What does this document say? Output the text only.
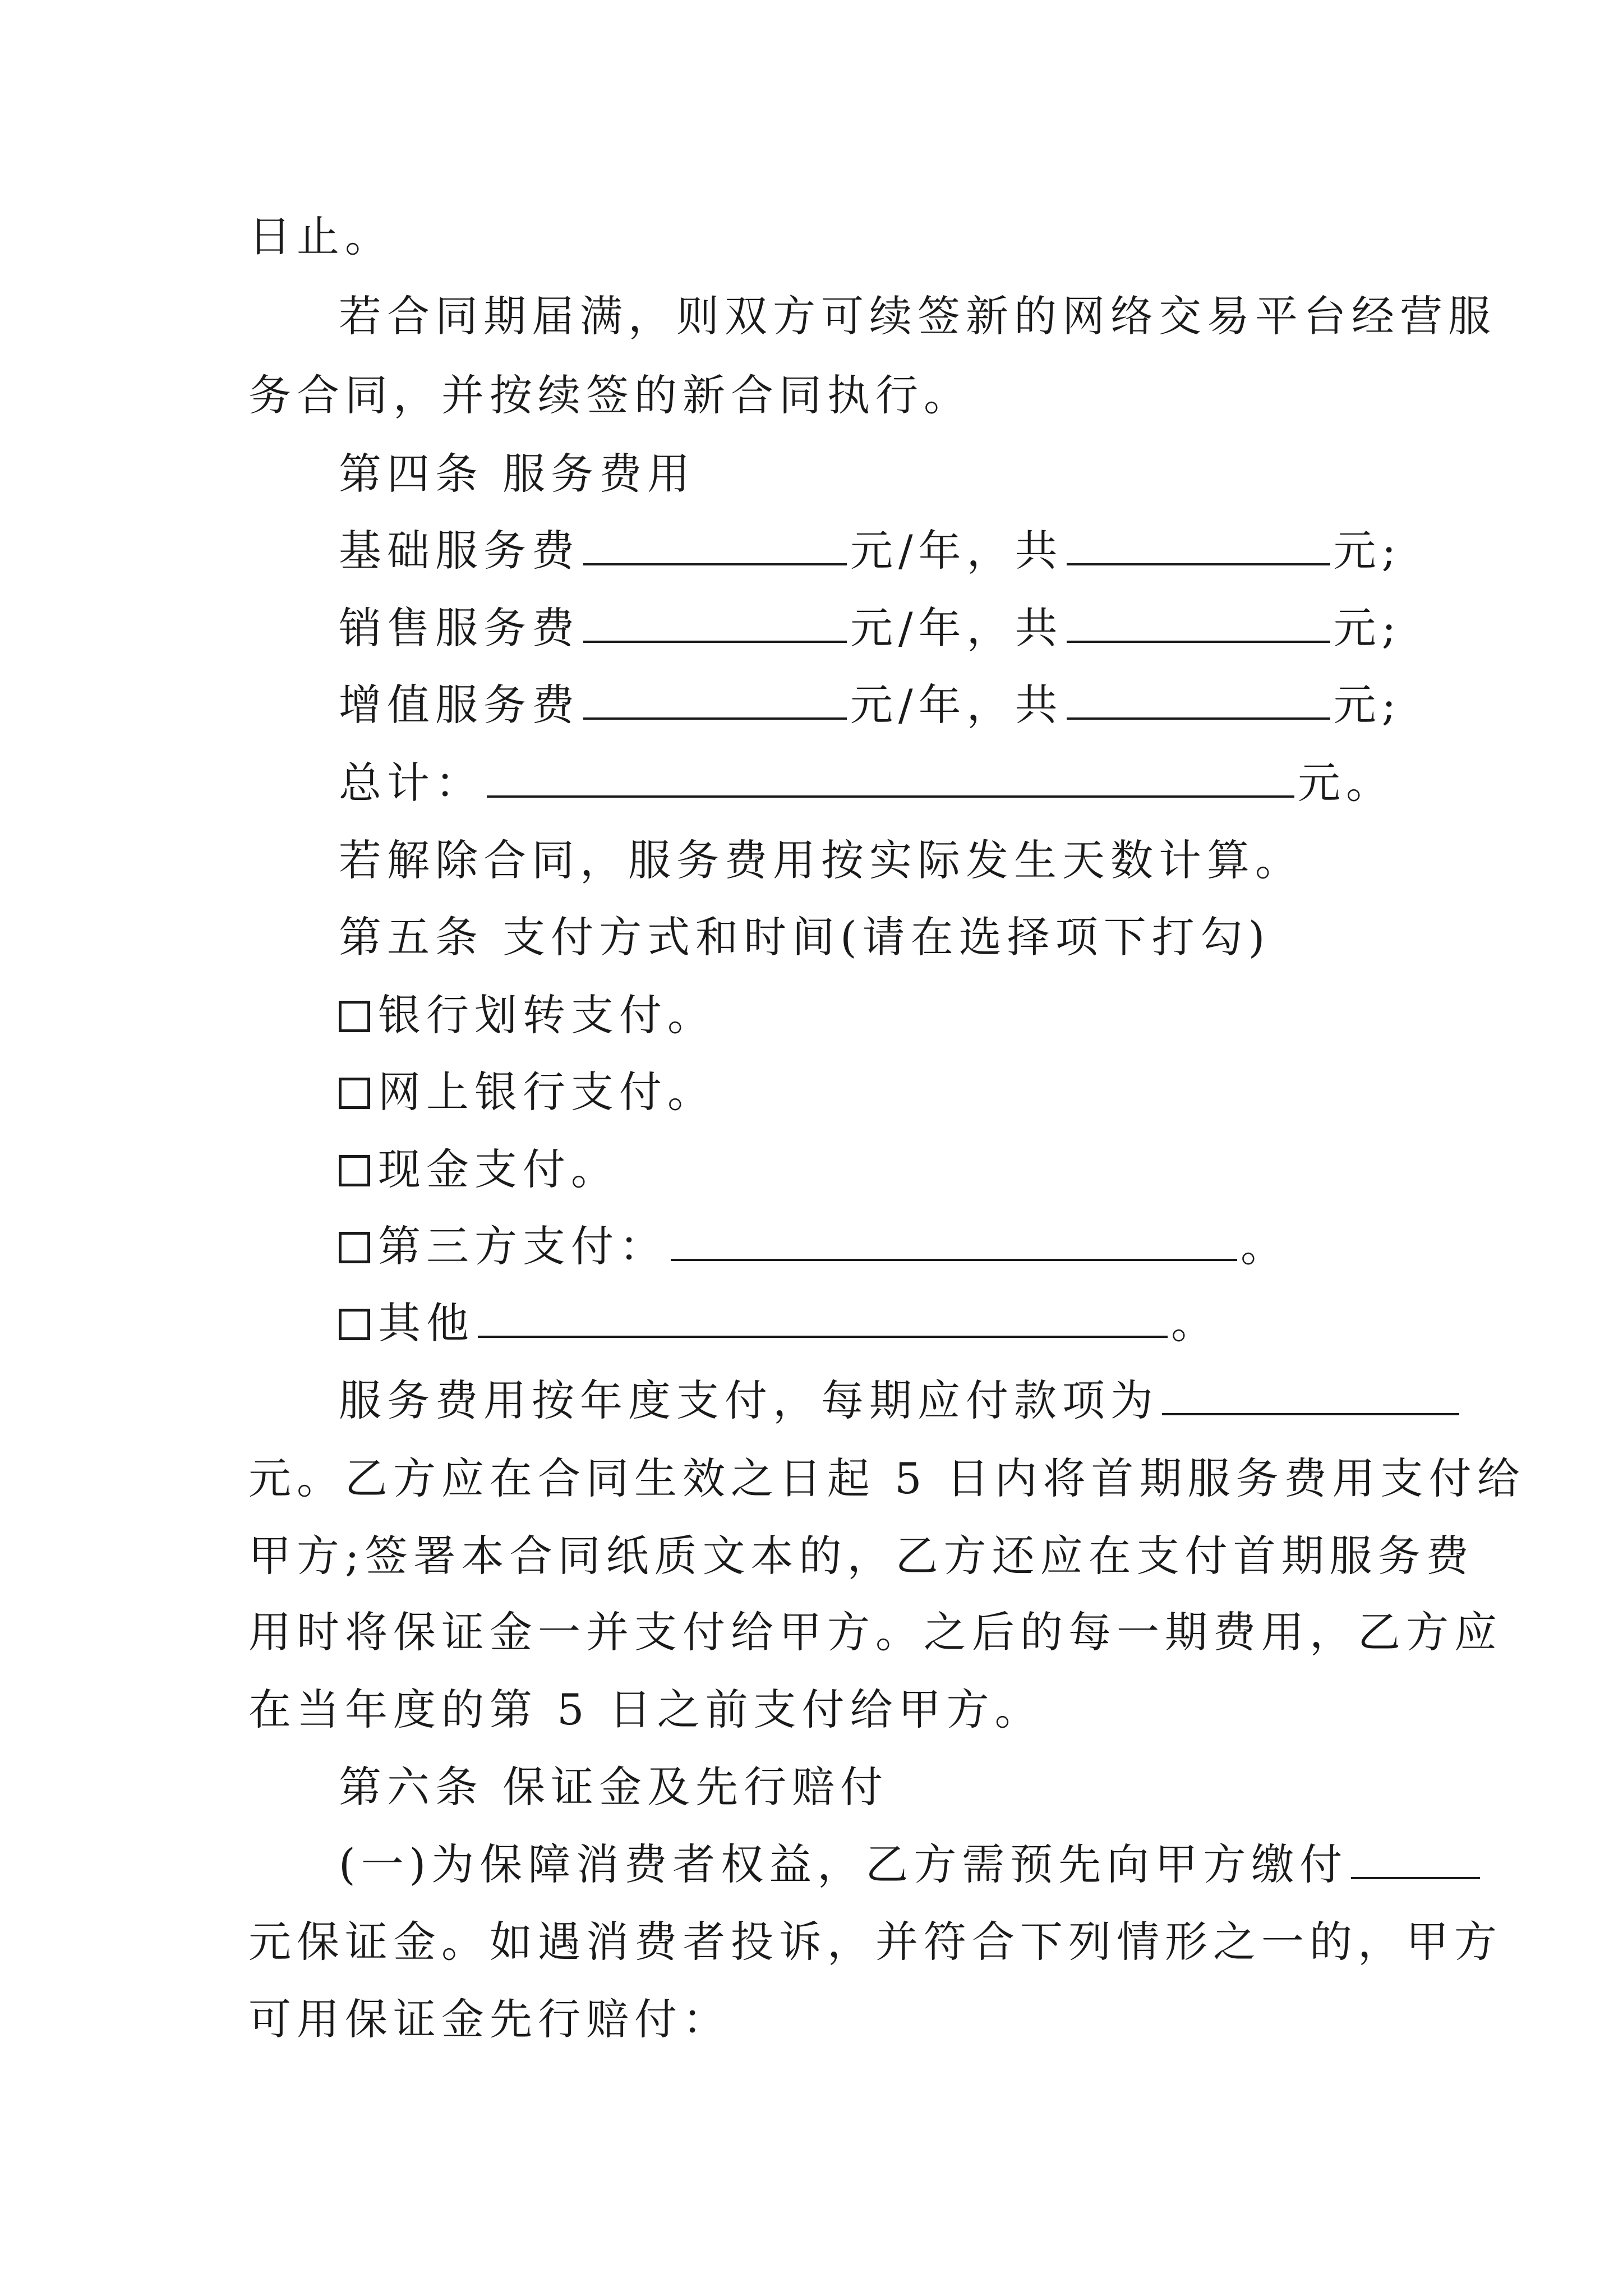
日止。
若合同期届满，则双方可续签新的网络交易平台经营服
务合同，并按续签的新合同执行。
第四条 服务费用
基础服务费	元/年，共	元;
销售服务费	元/年，共	元;
增值服务费	元/年，共	元;
总计：	元。
若解除合同，服务费用按实际发生天数计算。
第五条 支付方式和时间(请在选择项下打勾)
银行划转支付。
网上银行支付。
现金支付。
第三方支付：	。
其他	。
服务费用按年度支付，每期应付款项为
元。乙方应在合同生效之日起 5 日内将首期服务费用支付给
甲方;签署本合同纸质文本的，乙方还应在支付首期服务费
用时将保证金一并支付给甲方。之后的每一期费用，乙方应
在当年度的第 5 日之前支付给甲方。
第六条 保证金及先行赔付
(一)为保障消费者权益，乙方需预先向甲方缴付
元保证金。如遇消费者投诉，并符合下列情形之一的，甲方
可用保证金先行赔付：
